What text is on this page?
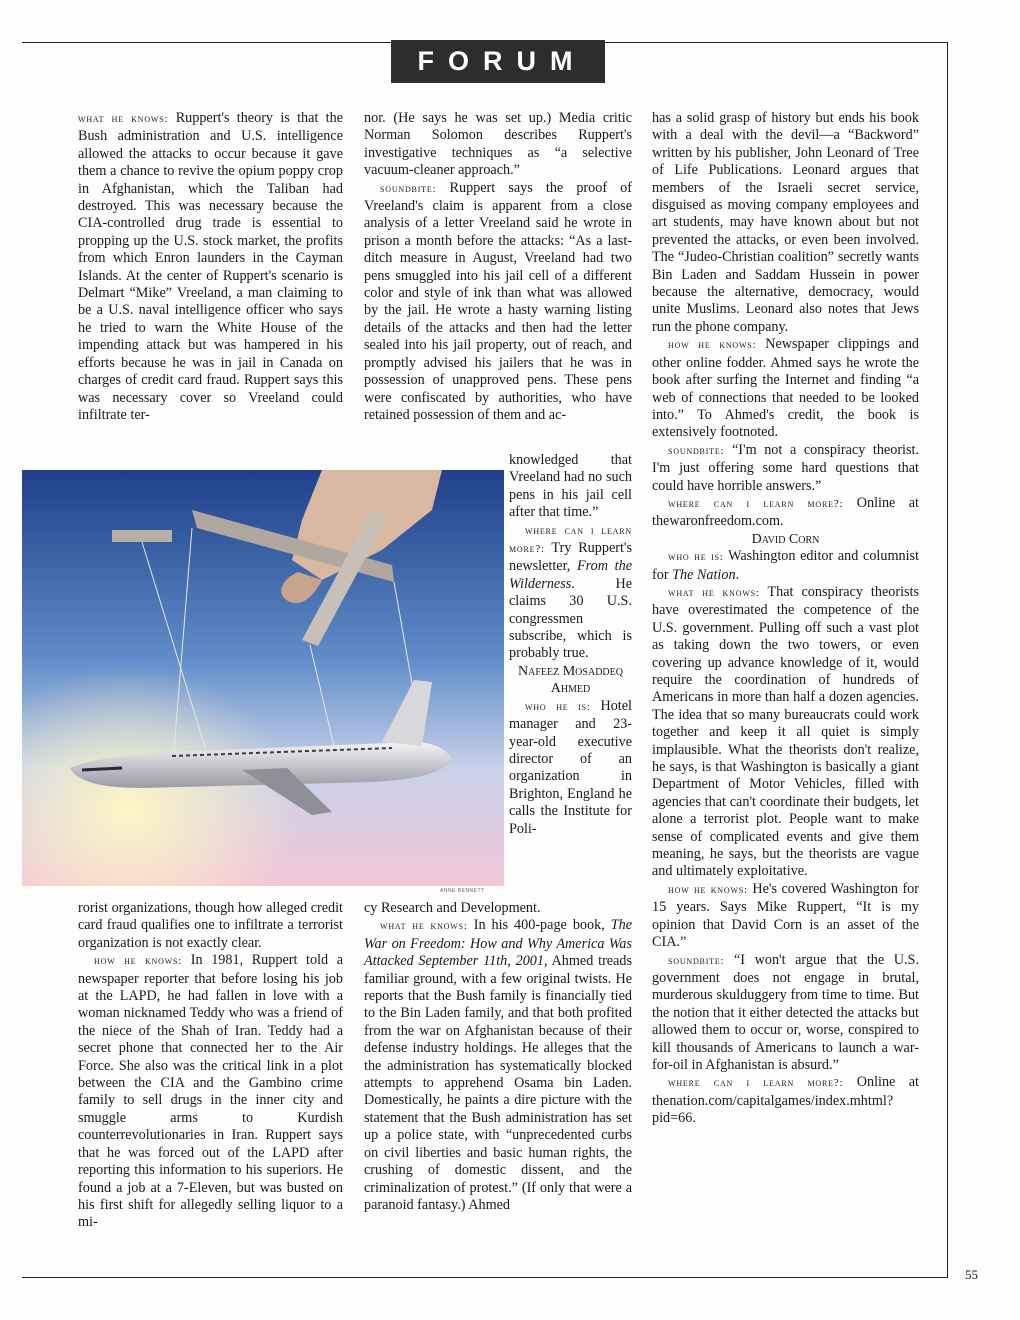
FORUM

what he knows: Ruppert's theory is that the Bush administration and U.S. intelligence allowed the attacks to occur because it gave them a chance to revive the opium poppy crop in Afghanistan, which the Taliban had destroyed. This was necessary because the CIA-controlled drug trade is essential to propping up the U.S. stock market, the profits from which Enron launders in the Cayman Islands. At the center of Ruppert's scenario is Delmart “Mike” Vreeland, a man claiming to be a U.S. naval intelligence officer who says he tried to warn the White House of the impending attack but was hampered in his efforts because he was in jail in Canada on charges of credit card fraud. Ruppert says this was necessary cover so Vreeland could infiltrate ter-

ANNE BENNETT

rorist organizations, though how alleged credit card fraud qualifies one to infiltrate a terrorist organization is not exactly clear.

how he knows: In 1981, Ruppert told a newspaper reporter that before losing his job at the LAPD, he had fallen in love with a woman nicknamed Teddy who was a friend of the niece of the Shah of Iran. Teddy had a secret phone that connected her to the Air Force. She also was the critical link in a plot between the CIA and the Gambino crime family to sell drugs in the inner city and smuggle arms to Kurdish counterrevolutionaries in Iran. Ruppert says that he was forced out of the LAPD after reporting this information to his superiors. He found a job at a 7-Eleven, but was busted on his first shift for allegedly selling liquor to a mi-

nor. (He says he was set up.) Media critic Norman Solomon describes Ruppert's investigative techniques as “a selective vacuum-cleaner approach.”

soundbite: Ruppert says the proof of Vreeland's claim is apparent from a close analysis of a letter Vreeland said he wrote in prison a month before the attacks: “As a last-ditch measure in August, Vreeland had two pens smuggled into his jail cell of a different color and style of ink than what was allowed by the jail. He wrote a hasty warning listing details of the attacks and then had the letter sealed into his jail property, out of reach, and promptly advised his jailers that he was in possession of unapproved pens. These pens were confiscated by authorities, who have retained possession of them and ac-

knowledged that Vreeland had no such pens in his jail cell after that time.”

where can i learn more?: Try Ruppert's newsletter, From the Wilderness. He claims 30 U.S. congressmen subscribe, which is probably true.

Nafeez Mosaddeq Ahmed

who he is: Hotel manager and 23-year-old executive director of an organization in Brighton, England he calls the Institute for Poli-

cy Research and Development.

what he knows: In his 400-page book, The War on Freedom: How and Why America Was Attacked September 11th, 2001, Ahmed treads familiar ground, with a few original twists. He reports that the Bush family is financially tied to the Bin Laden family, and that both profited from the war on Afghanistan because of their defense industry holdings. He alleges that the the administration has systematically blocked attempts to apprehend Osama bin Laden. Domestically, he paints a dire picture with the statement that the Bush administration has set up a police state, with “unprecedented curbs on civil liberties and basic human rights, the crushing of domestic dissent, and the criminalization of protest.” (If only that were a paranoid fantasy.) Ahmed

has a solid grasp of history but ends his book with a deal with the devil—a “Backword” written by his publisher, John Leonard of Tree of Life Publications. Leonard argues that members of the Israeli secret service, disguised as moving company employees and art students, may have known about but not prevented the attacks, or even been involved. The “Judeo-Christian coalition” secretly wants Bin Laden and Saddam Hussein in power because the alternative, democracy, would unite Muslims. Leonard also notes that Jews run the phone company.

how he knows: Newspaper clippings and other online fodder. Ahmed says he wrote the book after surfing the Internet and finding “a web of connections that needed to be looked into.” To Ahmed's credit, the book is extensively footnoted.

soundbite: “I'm not a conspiracy theorist. I'm just offering some hard questions that could have horrible answers.”

where can i learn more?: Online at thewaronfreedom.com.

David Corn

who he is: Washington editor and columnist for The Nation.

what he knows: That conspiracy theorists have overestimated the competence of the U.S. government. Pulling off such a vast plot as taking down the two towers, or even covering up advance knowledge of it, would require the coordination of hundreds of Americans in more than half a dozen agencies. The idea that so many bureaucrats could work together and keep it all quiet is simply implausible. What the theorists don't realize, he says, is that Washington is basically a giant Department of Motor Vehicles, filled with agencies that can't coordinate their budgets, let alone a terrorist plot. People want to make sense of complicated events and give them meaning, he says, but the theorists are vague and ultimately exploitative.

how he knows: He's covered Washington for 15 years. Says Mike Ruppert, “It is my opinion that David Corn is an asset of the CIA.”

soundbite: “I won't argue that the U.S. government does not engage in brutal, murderous skulduggery from time to time. But the notion that it either detected the attacks but allowed them to occur or, worse, conspired to kill thousands of Americans to launch a war-for-oil in Afghanistan is absurd.”

where can i learn more?: Online at thenation.com/capitalgames/index.mhtml?pid=66.

55
